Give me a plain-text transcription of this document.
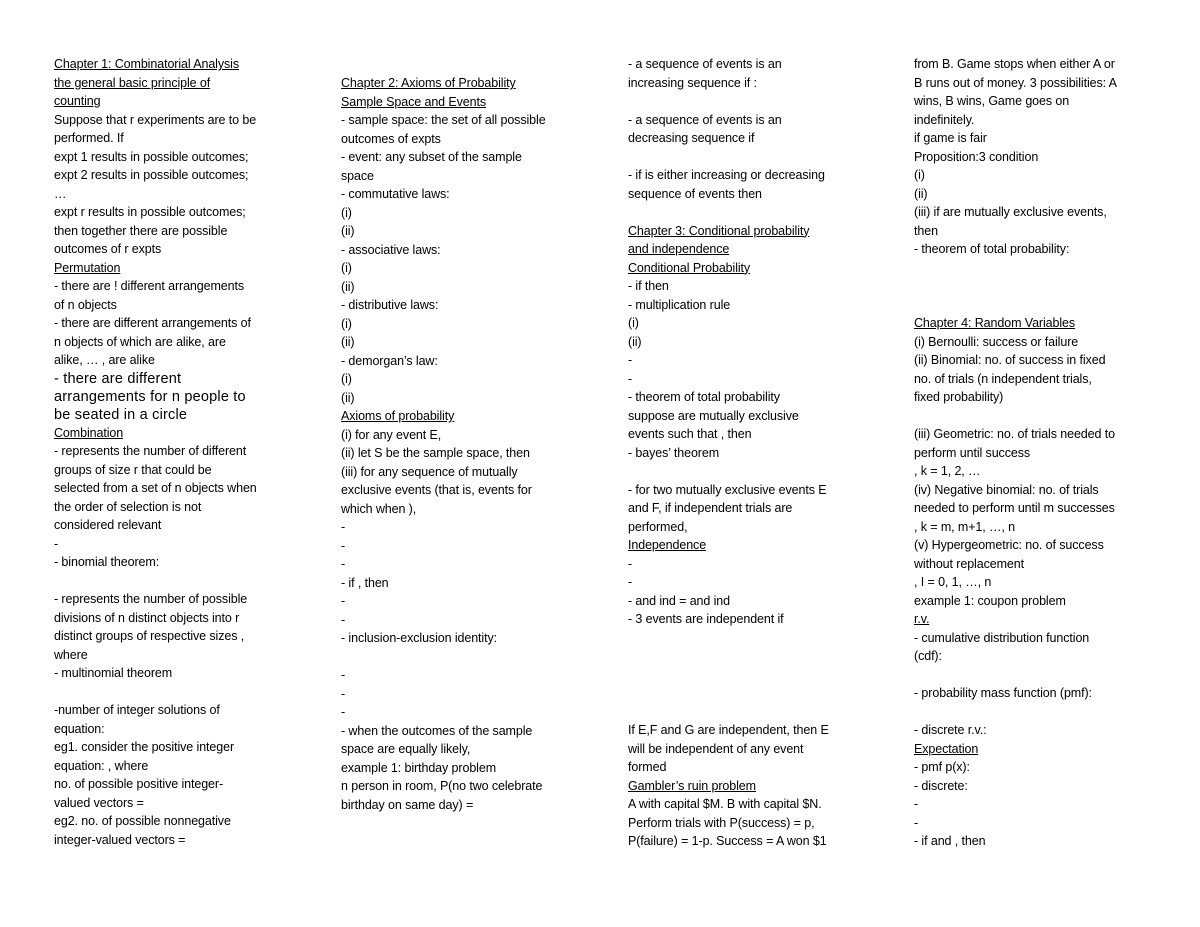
Chapter 1: Combinatorial Analysis

the general basic principle of

counting

Suppose that r experiments are to be

performed. If

expt 1 results in possible outcomes;

expt 2 results in possible outcomes;

…

expt r results in possible outcomes;

then together there are possible

outcomes of r expts

Permutation

- there are ! different arrangements

of n objects

- there are different arrangements of

n objects of which are alike, are

alike, … , are alike

- there are different

arrangements for n people to

be seated in a circle

Combination

- represents the number of different

groups of size r that could be

selected from a set of n objects when

the order of selection is not

considered relevant

-

- binomial theorem:

- represents the number of possible

divisions of n distinct objects into r

distinct groups of respective sizes ,

where

- multinomial theorem

-number of integer solutions of

equation:

eg1. consider the positive integer

equation: , where

no. of possible positive integer-

valued vectors =

eg2. no. of possible nonnegative

integer-valued vectors =

Chapter 2: Axioms of Probability

Sample Space and Events

- sample space: the set of all possible

outcomes of expts

- event: any subset of the sample

space

- commutative laws:

(i)

(ii)

- associative laws:

(i)

(ii)

- distributive laws:

(i)

(ii)

- demorgan’s law:

(i)

(ii)

Axioms of probability

(i) for any event E,

(ii) let S be the sample space, then

(iii) for any sequence of mutually

exclusive events (that is, events for

which when ),

-

-

-

- if , then

-

-

- inclusion-exclusion identity:

-

-

-

- when the outcomes of the sample

space are equally likely,

example 1: birthday problem

n person in room, P(no two celebrate

birthday on same day) =

- a sequence of events is an

increasing sequence if :

- a sequence of events is an

decreasing sequence if

- if is either increasing or decreasing

sequence of events then

Chapter 3: Conditional probability

and independence

Conditional Probability

- if then

- multiplication rule

(i)

(ii)

-

-

- theorem of total probability

suppose are mutually exclusive

events such that , then

- bayes’ theorem

- for two mutually exclusive events E

and F, if independent trials are

performed,

Independence

-

-

- and ind = and ind

- 3 events are independent if

If E,F and G are independent, then E

will be independent of any event

formed

Gambler’s ruin problem

A with capital $M. B with capital $N.

Perform trials with P(success) = p,

P(failure) = 1-p. Success = A won $1

from B. Game stops when either A or

B runs out of money. 3 possibilities: A

wins, B wins, Game goes on

indefinitely.

if game is fair

Proposition:3 condition

(i)

(ii)

(iii) if are mutually exclusive events,

then

- theorem of total probability:

Chapter 4: Random Variables

(i) Bernoulli: success or failure

(ii) Binomial: no. of success in fixed

no. of trials (n independent trials,

fixed probability)

(iii) Geometric: no. of trials needed to

perform until success

, k = 1, 2, …

(iv) Negative binomial: no. of trials

needed to perform until m successes

, k = m, m+1, …, n

(v) Hypergeometric: no. of success

without replacement

, I = 0, 1, …, n

example 1: coupon problem

r.v.

- cumulative distribution function

(cdf):

- probability mass function (pmf):

- discrete r.v.:

Expectation

- pmf p(x):

- discrete:

-

-

- if and , then
